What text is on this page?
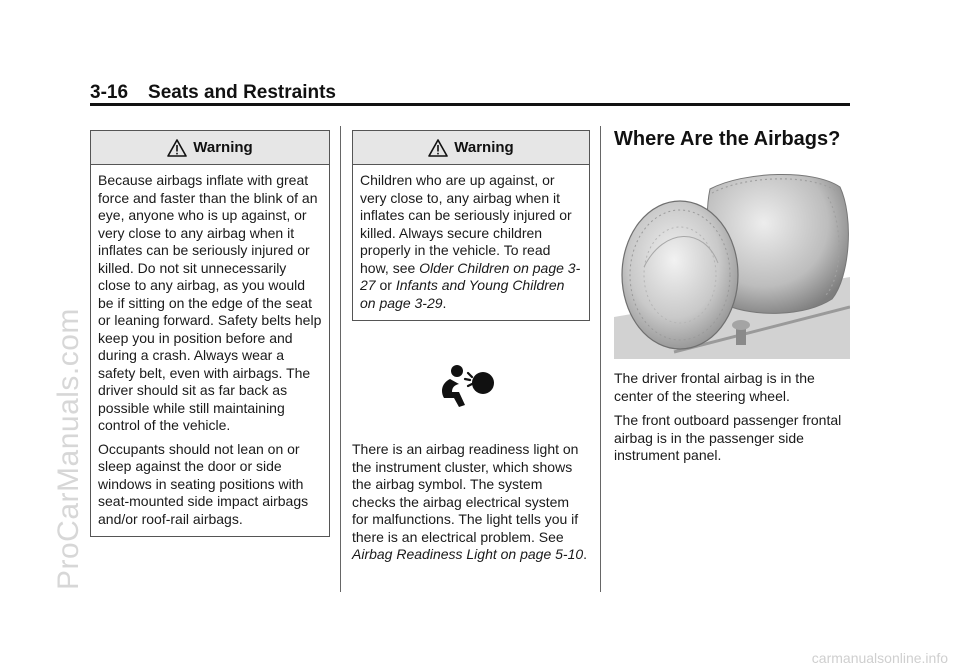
3-16 Seats and Restraints
ProCarManuals.com
carmanualsonline.info
Warning

Because airbags inflate with great force and faster than the blink of an eye, anyone who is up against, or very close to any airbag when it inflates can be seriously injured or killed. Do not sit unnecessarily close to any airbag, as you would be if sitting on the edge of the seat or leaning forward. Safety belts help keep you in position before and during a crash. Always wear a safety belt, even with airbags. The driver should sit as far back as possible while still maintaining control of the vehicle.

Occupants should not lean on or sleep against the door or side windows in seating positions with seat-mounted side impact airbags and/or roof-rail airbags.

Warning

Children who are up against, or very close to, any airbag when it inflates can be seriously injured or killed. Always secure children properly in the vehicle. To read how, see Older Children on page 3-27 or Infants and Young Children on page 3-29.

There is an airbag readiness light on the instrument cluster, which shows the airbag symbol. The system checks the airbag electrical system for malfunctions. The light tells you if there is an electrical problem. See Airbag Readiness Light on page 5-10.

Where Are the Airbags?

The driver frontal airbag is in the center of the steering wheel.

The front outboard passenger frontal airbag is in the passenger side instrument panel.
